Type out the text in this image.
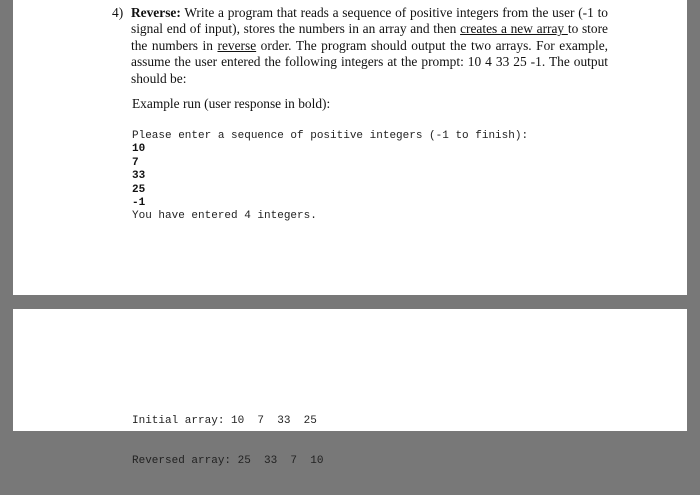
4) Reverse: Write a program that reads a sequence of positive integers from the user (-1 to signal end of input), stores the numbers in an array and then creates a new array to store the numbers in reverse order. The program should output the two arrays. For example, assume the user entered the following integers at the prompt: 10 4 33 25 -1. The output should be:
Example run (user response in bold):
Please enter a sequence of positive integers (-1 to finish):
10
7
33
25
-1
You have entered 4 integers.

Initial array: 10  7  33  25

Reversed array: 25  33  7  10
